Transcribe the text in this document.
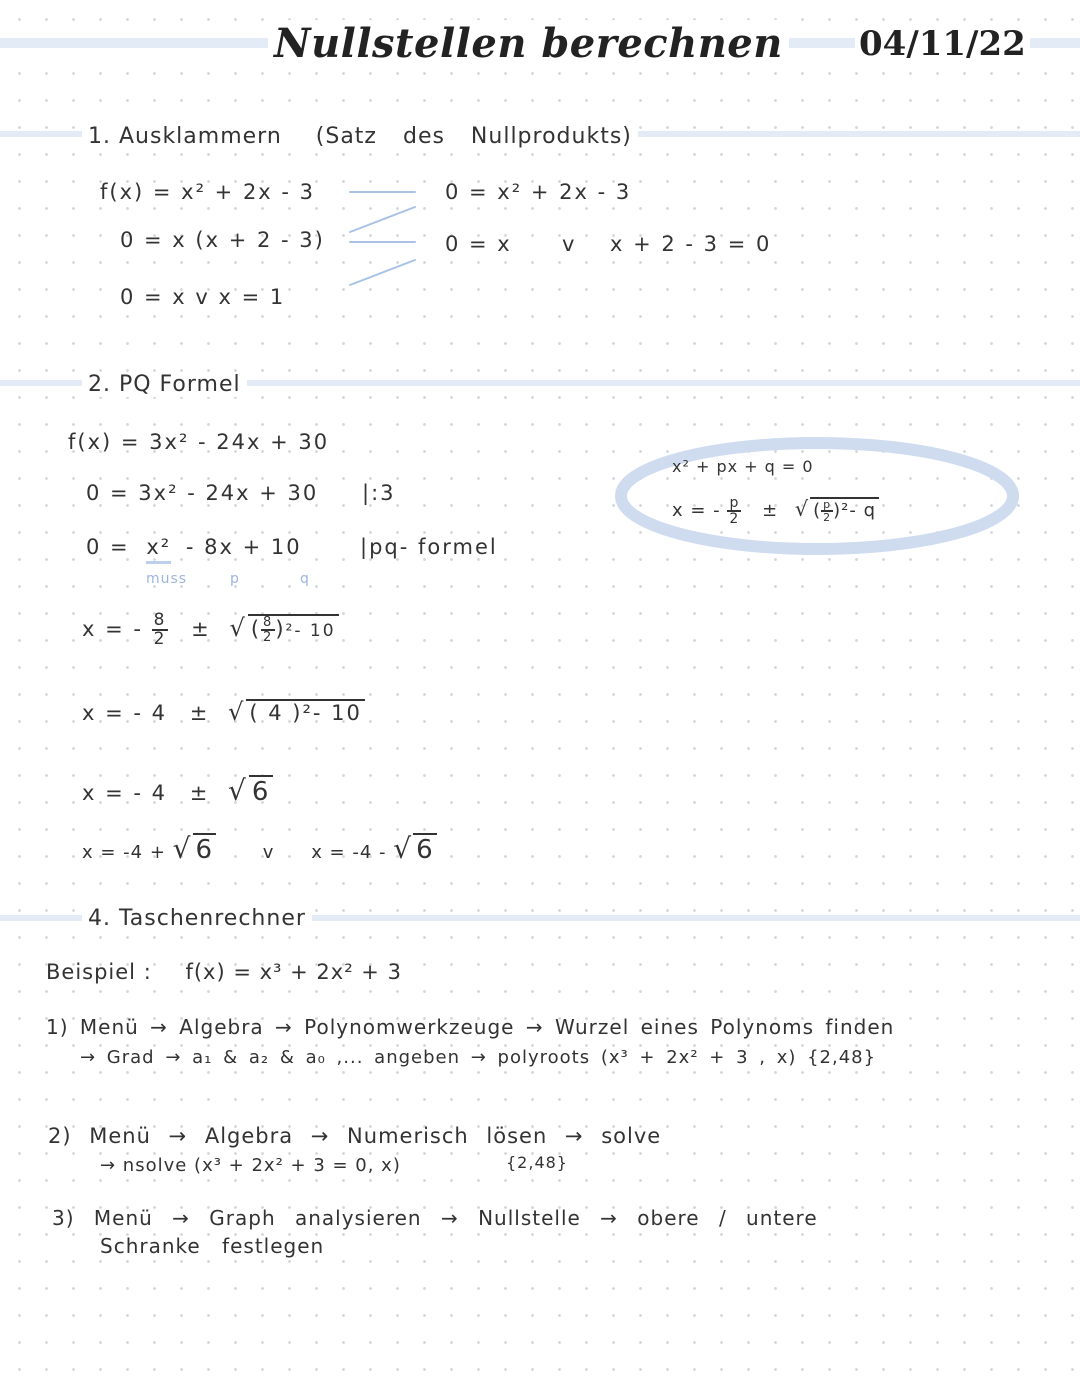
Nullstellen berechnen 04/11/22
1. Ausklammern (Satz des Nullprodukts)
f(x) = x² + 2x - 3
0 = x (x + 2 - 3)
0 = x v x = 1
0 = x² + 2x - 3
0 = x v x + 2 - 3 = 0
2. PQ Formel
f(x) = 3x² - 24x + 30
0 = 3x² - 24x + 30 |:3
0 = x² - 8x + 10	|pq- formel
muss	p	q
x = - $\frac{8}{2}$ ± √ ( $\frac{8}{2} )^2-$ 10
x = - 4 ± √ ( 4 )²- 10
x = - 4 ± √ 6
x = -4 + √ 6	v x = -4 - √ 6
x² + px + q = 0
x = - $\frac{p}{2}$ ± √ ( $\frac{p}{2} )^2-$ q
4. Taschenrechner
Beispiel : f(x) = x³ + 2x² + 3
1) Menü → Algebra → Polynomwerkzeuge → Wurzel eines Polynoms finden
→ Grad → a₁ & a₂ & a₀ ,... angeben → polyroots (x³ + 2x² + 3 , x) {2,48}
2) Menü → Algebra → Numerisch lösen → solve
→ nsolve (x³ + 2x² + 3 = 0, x)	{2,48}
3) Menü → Graph analysieren → Nullstelle → obere / untere
Schranke festlegen
